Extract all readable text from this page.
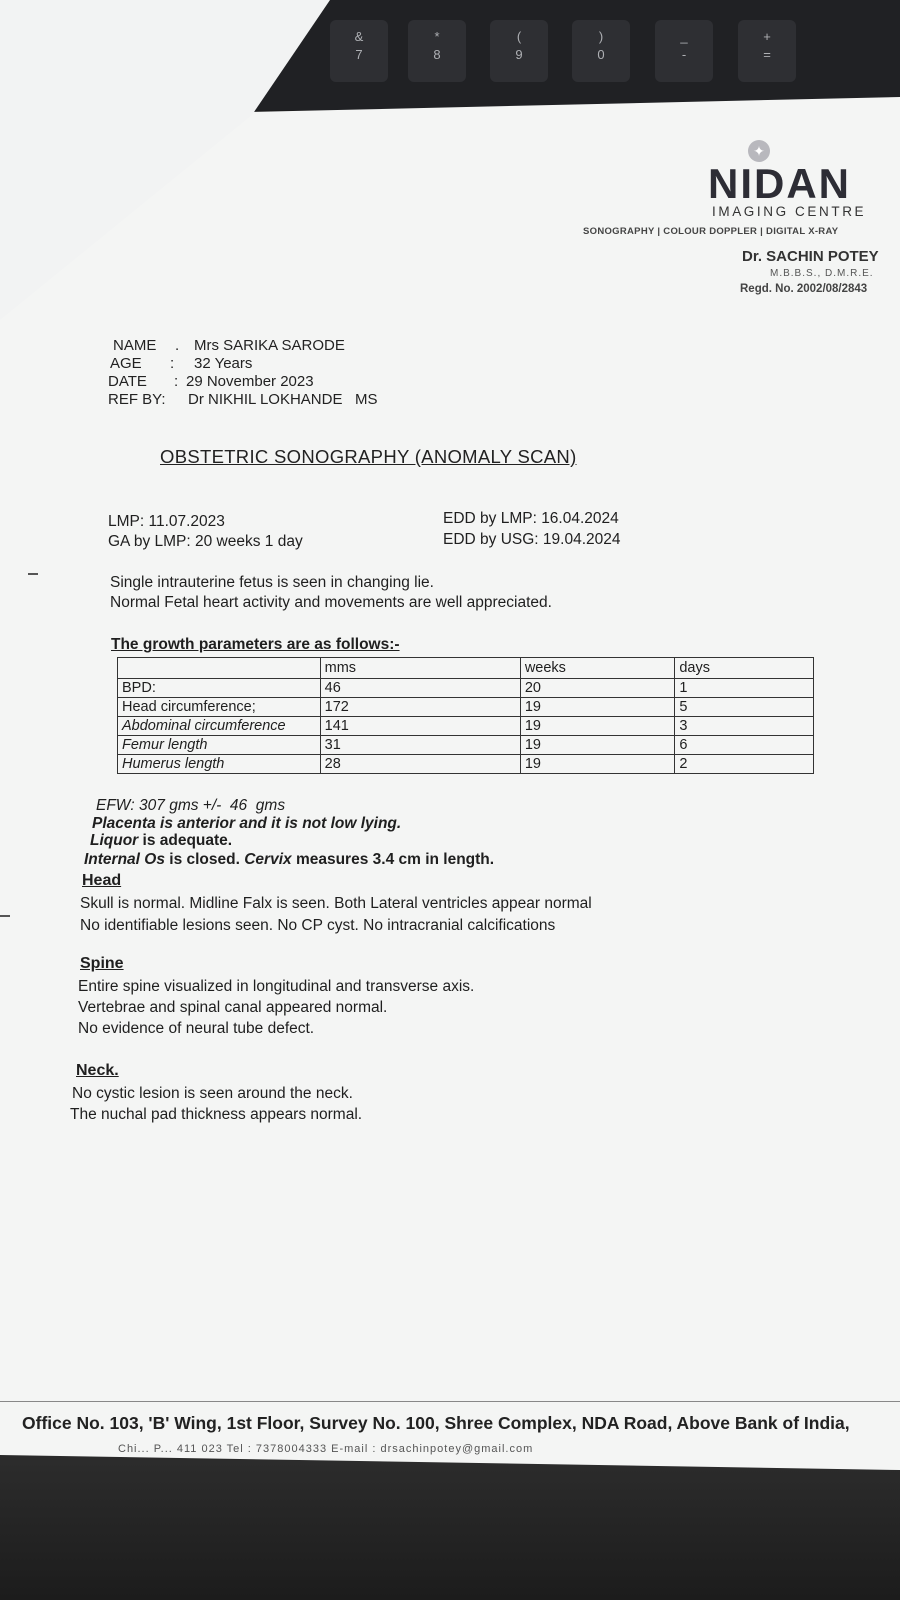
&
7
*
8
(
9
)
0
_
-
+
=
✦
NIDAN
IMAGING CENTRE
SONOGRAPHY | COLOUR DOPPLER | DIGITAL X-RAY
Dr. SACHIN POTEY
M.B.B.S., D.M.R.E.
Regd. No. 2002/08/2843
NAME . Mrs SARIKA SARODE
AGE : 32 Years
DATE : 29 November 2023
REF BY: Dr NIKHIL LOKHANDE   MS
OBSTETRIC SONOGRAPHY (ANOMALY SCAN)
LMP: 11.07.2023
GA by LMP: 20 weeks 1 day
EDD by LMP: 16.04.2024
EDD by USG: 19.04.2024
Single intrauterine fetus is seen in changing lie.
Normal Fetal heart activity and movements are well appreciated.
The growth parameters are as follows:-
	mms	weeks	days
BPD:	46	20	1
Head circumference;	172	19	5
Abdominal circumference	141	19	3
Femur length	31	19	6
Humerus length	28	19	2
EFW: 307 gms +/-  46  gms
Placenta is anterior and it is not low lying.
Liquor is adequate.
Internal Os is closed. Cervix measures 3.4 cm in length.
Head
Skull is normal. Midline Falx is seen. Both Lateral ventricles appear normal
No identifiable lesions seen. No CP cyst. No intracranial calcifications
Spine
Entire spine visualized in longitudinal and transverse axis.
Vertebrae and spinal canal appeared normal.
No evidence of neural tube defect.
Neck.
No cystic lesion is seen around the neck.
The nuchal pad thickness appears normal.
Office No. 103, 'B' Wing, 1st Floor, Survey No. 100, Shree Complex, NDA Road, Above Bank of India,
Chi... P... 411 023 Tel : 7378004333 E-mail : drsachinpotey@gmail.com
